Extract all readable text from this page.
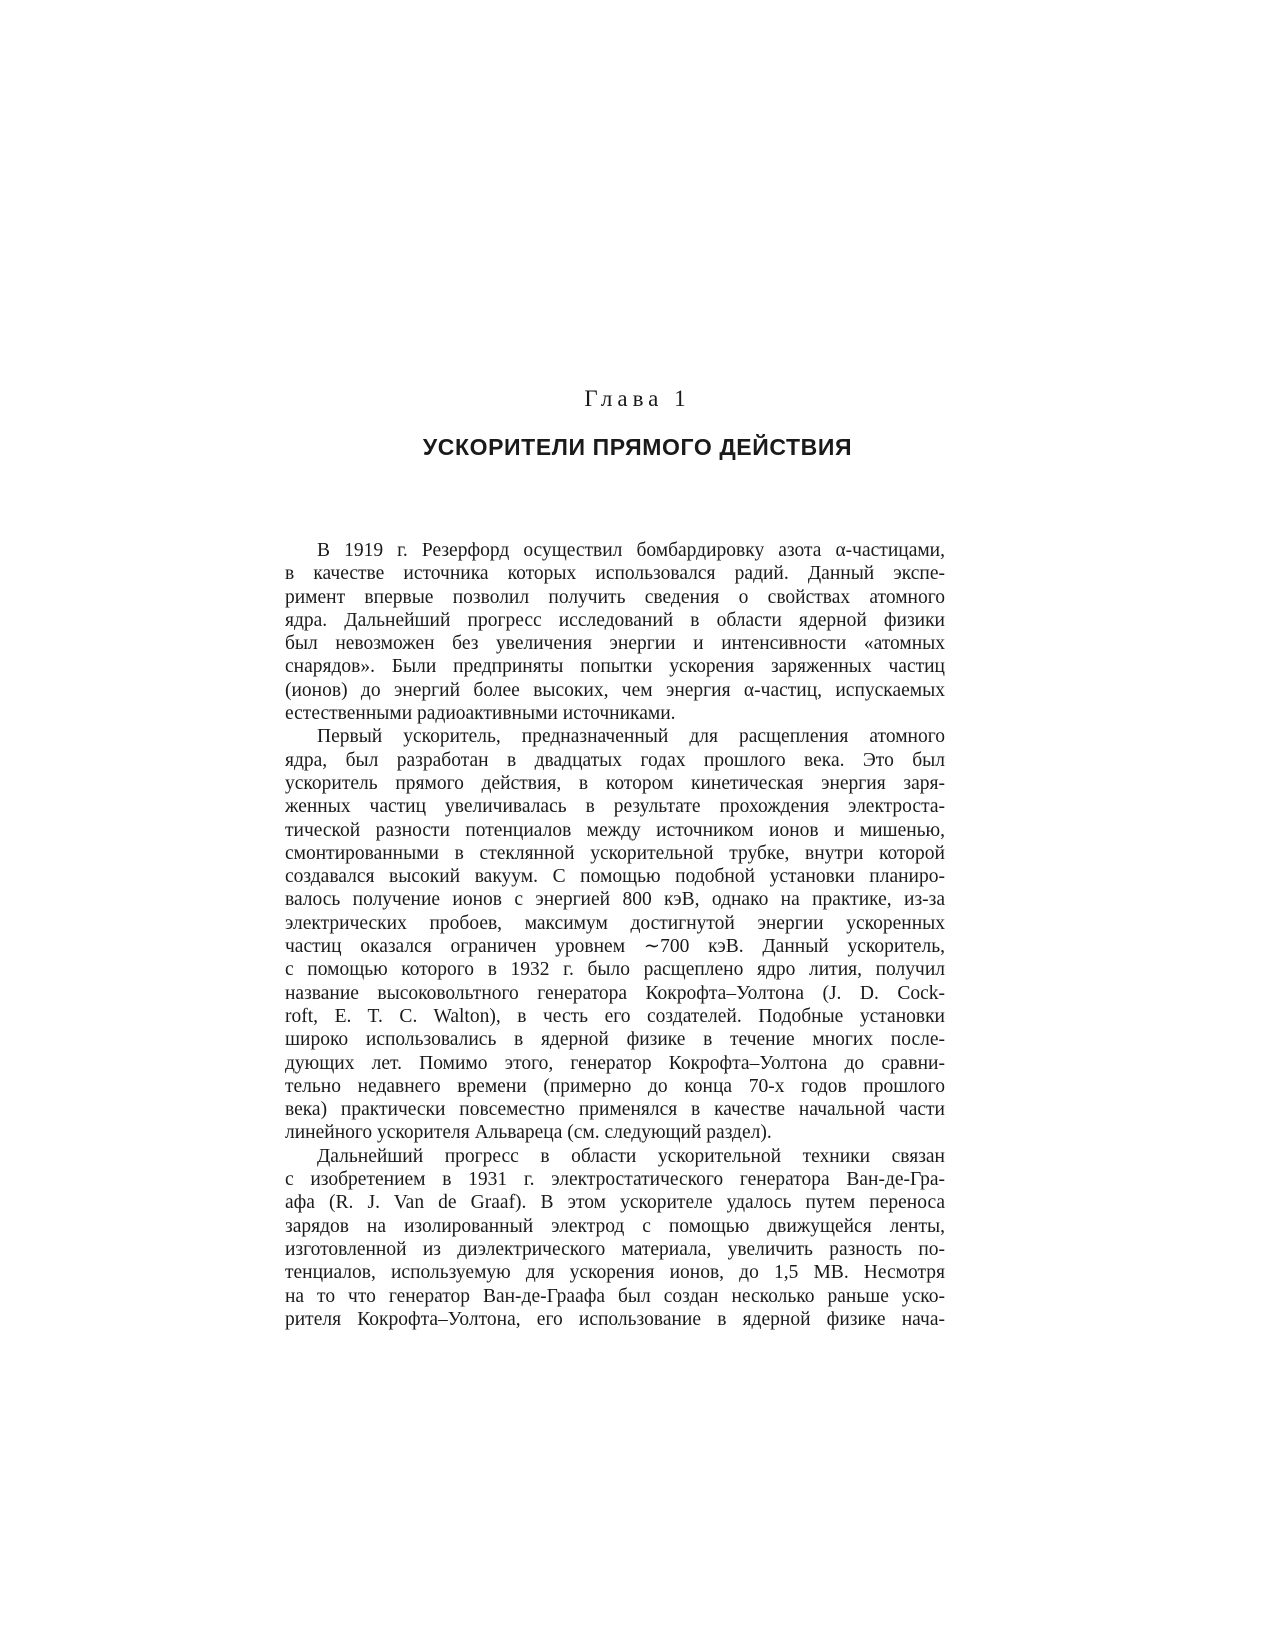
Глава 1
УСКОРИТЕЛИ ПРЯМОГО ДЕЙСТВИЯ
В 1919 г. Резерфорд осуществил бомбардировку азота α-частицами,
в качестве источника которых использовался радий. Данный экспе-
римент впервые позволил получить сведения о свойствах атомного
ядра. Дальнейший прогресс исследований в области ядерной физики
был невозможен без увеличения энергии и интенсивности «атомных
снарядов». Были предприняты попытки ускорения заряженных частиц
(ионов) до энергий более высоких, чем энергия α-частиц, испускаемых
естественными радиоактивными источниками.
Первый ускоритель, предназначенный для расщепления атомного
ядра, был разработан в двадцатых годах прошлого века. Это был
ускоритель прямого действия, в котором кинетическая энергия заря-
женных частиц увеличивалась в результате прохождения электроста-
тической разности потенциалов между источником ионов и мишенью,
смонтированными в стеклянной ускорительной трубке, внутри которой
создавался высокий вакуум. С помощью подобной установки планиро-
валось получение ионов с энергией 800 кэВ, однако на практике, из-за
электрических пробоев, максимум достигнутой энергии ускоренных
частиц оказался ограничен уровнем ∼700 кэВ. Данный ускоритель,
с помощью которого в 1932 г. было расщеплено ядро лития, получил
название высоковольтного генератора Кокрофта–Уолтона (J. D. Cock-
roft, E. T. C. Walton), в честь его создателей. Подобные установки
широко использовались в ядерной физике в течение многих после-
дующих лет. Помимо этого, генератор Кокрофта–Уолтона до сравни-
тельно недавнего времени (примерно до конца 70-х годов прошлого
века) практически повсеместно применялся в качестве начальной части
линейного ускорителя Альвареца (см. следующий раздел).
Дальнейший прогресс в области ускорительной техники связан
с изобретением в 1931 г. электростатического генератора Ван-де-Гра-
афа (R. J. Van de Graaf). В этом ускорителе удалось путем переноса
зарядов на изолированный электрод с помощью движущейся ленты,
изготовленной из диэлектрического материала, увеличить разность по-
тенциалов, используемую для ускорения ионов, до 1,5 МВ. Несмотря
на то что генератор Ван-де-Граафа был создан несколько раньше уско-
рителя Кокрофта–Уолтона, его использование в ядерной физике нача-
